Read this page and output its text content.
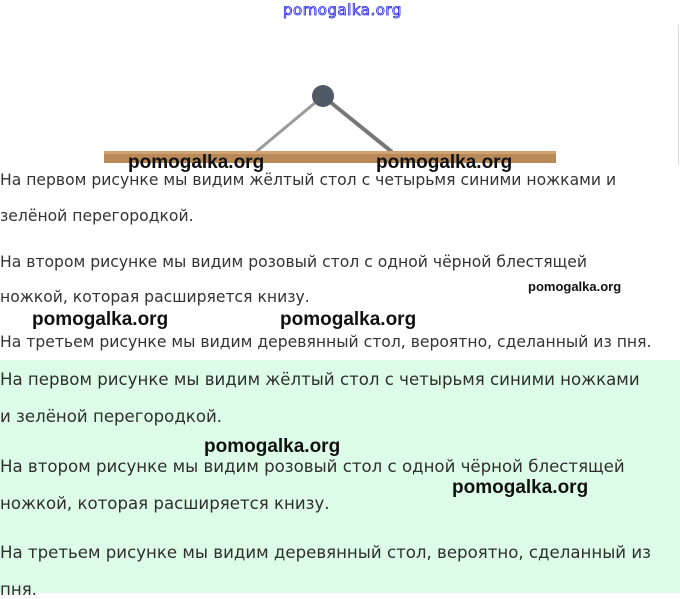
pomogalka.org

На первом рисунке мы видим жёлтый стол с четырьмя синими ножками и

зелёной перегородкой.

На втором рисунке мы видим розовый стол с одной чёрной блестящей

ножкой, которая расширяется книзу.

На третьем рисунке мы видим деревянный стол, вероятно, сделанный из пня.

На первом рисунке мы видим жёлтый стол с четырьмя синими ножками

и зелёной перегородкой.

На втором рисунке мы видим розовый стол с одной чёрной блестящей

ножкой, которая расширяется книзу.

На третьем рисунке мы видим деревянный стол, вероятно, сделанный из

пня.

pomogalka.org	pomogalka.org
pomogalka.org
pomogalka.org	pomogalka.org
pomogalka.org
pomogalka.org
